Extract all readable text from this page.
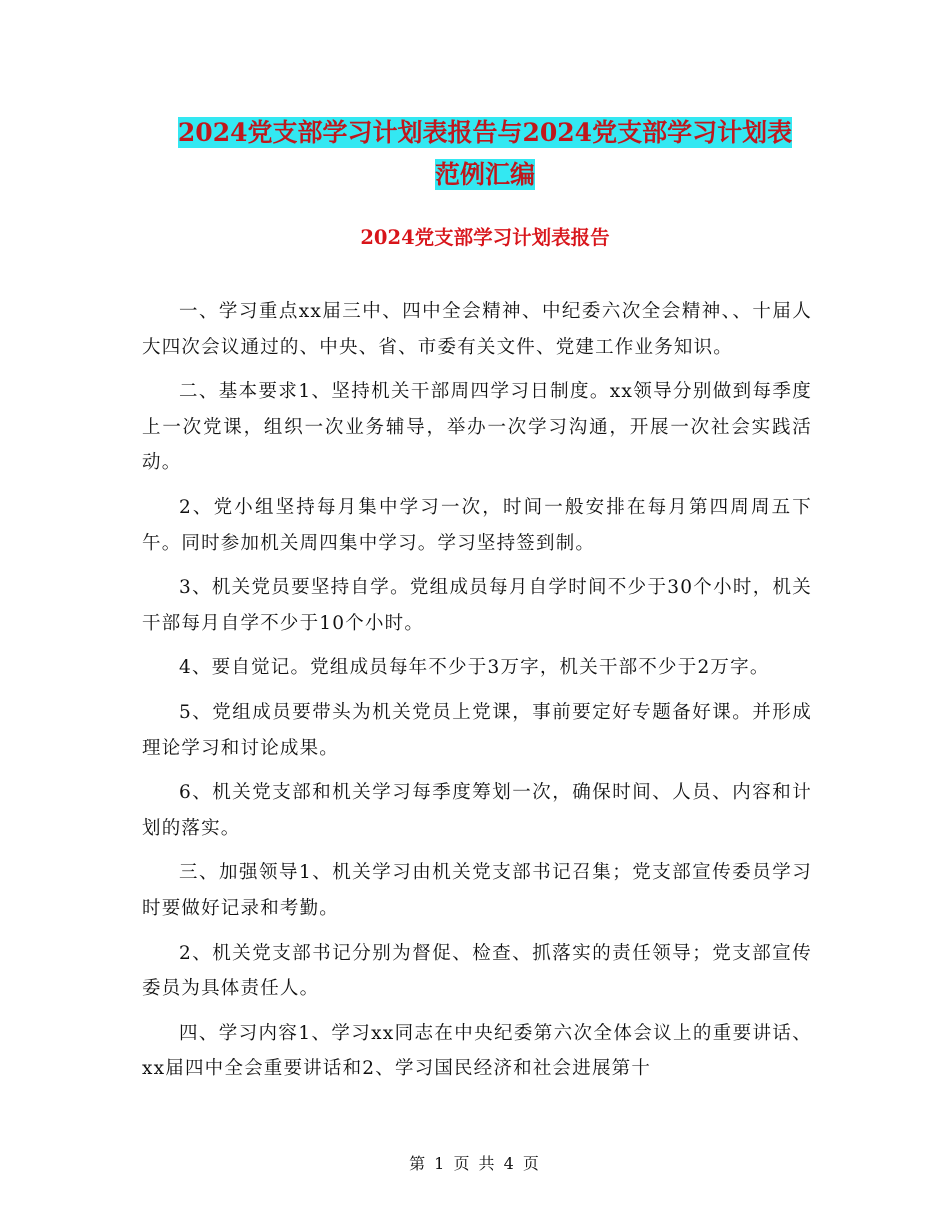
2024党支部学习计划表报告与2024党支部学习计划表
范例汇编
2024党支部学习计划表报告

一、学习重点xx届三中、四中全会精神、中纪委六次全会精神、、十届人大四次会议通过的、中央、省、市委有关文件、党建工作业务知识。

二、基本要求1、坚持机关干部周四学习日制度。xx领导分别做到每季度上一次党课，组织一次业务辅导，举办一次学习沟通，开展一次社会实践活动。

2、党小组坚持每月集中学习一次，时间一般安排在每月第四周周五下午。同时参加机关周四集中学习。学习坚持签到制。

3、机关党员要坚持自学。党组成员每月自学时间不少于30个小时，机关干部每月自学不少于10个小时。

4、要自觉记。党组成员每年不少于3万字，机关干部不少于2万字。

5、党组成员要带头为机关党员上党课，事前要定好专题备好课。并形成理论学习和讨论成果。

6、机关党支部和机关学习每季度筹划一次，确保时间、人员、内容和计划的落实。

三、加强领导1、机关学习由机关党支部书记召集；党支部宣传委员学习时要做好记录和考勤。

2、机关党支部书记分别为督促、检查、抓落实的责任领导；党支部宣传委员为具体责任人。

四、学习内容1、学习xx同志在中央纪委第六次全体会议上的重要讲话、xx届四中全会重要讲话和2、学习国民经济和社会进展第十

第 1 页 共 4 页
